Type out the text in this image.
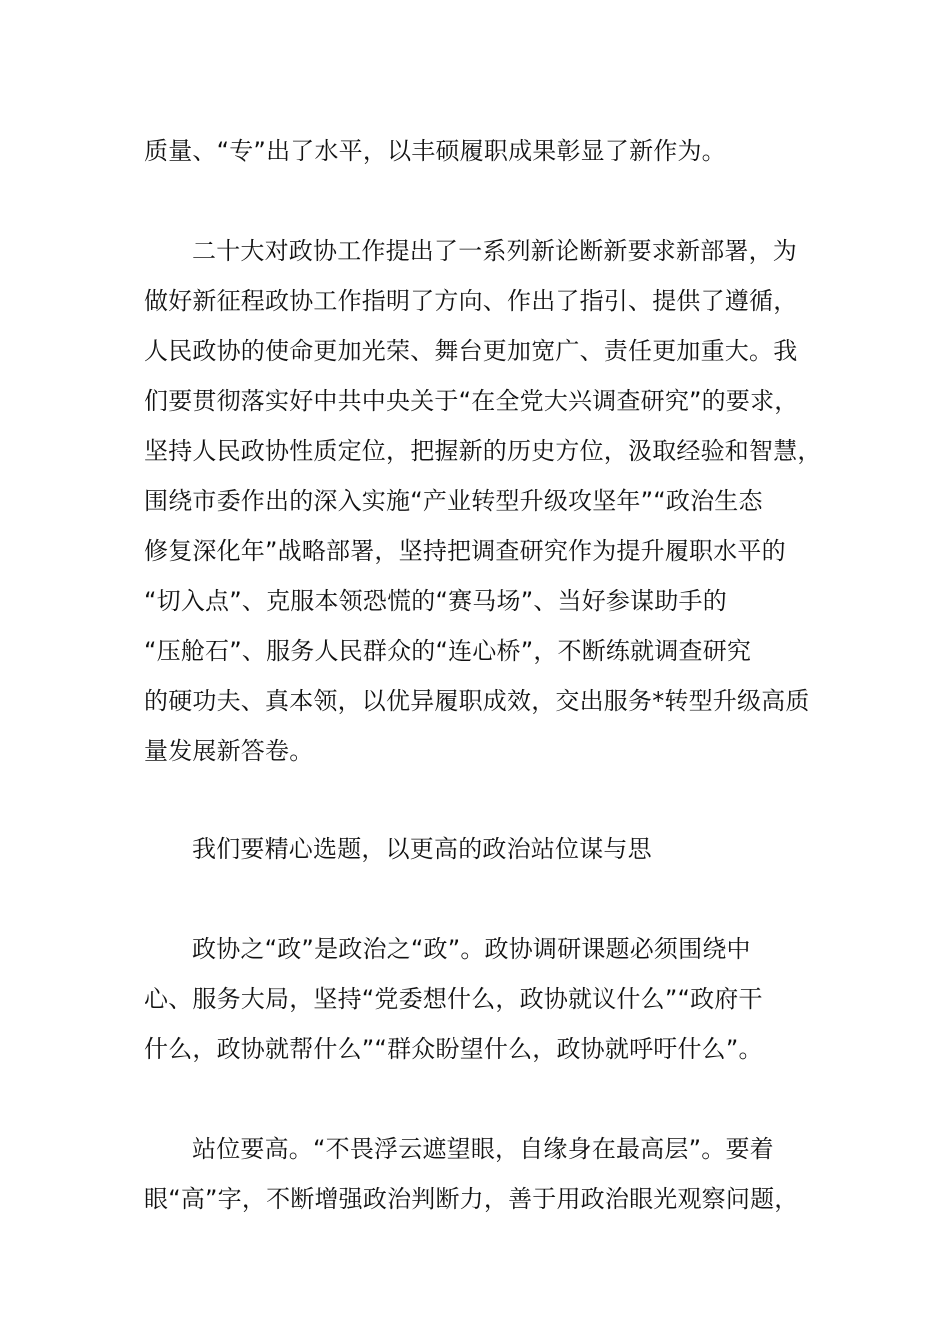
质量、“专”出了水平，以丰硕履职成果彰显了新作为。
二十大对政协工作提出了一系列新论断新要求新部署，为
做好新征程政协工作指明了方向、作出了指引、提供了遵循，
人民政协的使命更加光荣、舞台更加宽广、责任更加重大。我
们要贯彻落实好中共中央关于“在全党大兴调查研究”的要求，
坚持人民政协性质定位，把握新的历史方位，汲取经验和智慧，
围绕市委作出的深入实施“产业转型升级攻坚年”“政治生态
修复深化年”战略部署，坚持把调查研究作为提升履职水平的
“切入点”、克服本领恐慌的“赛马场”、当好参谋助手的
“压舱石”、服务人民群众的“连心桥”，不断练就调查研究
的硬功夫、真本领，以优异履职成效，交出服务*转型升级高质
量发展新答卷。
我们要精心选题，以更高的政治站位谋与思
政协之“政”是政治之“政”。政协调研课题必须围绕中
心、服务大局，坚持“党委想什么，政协就议什么”“政府干
什么，政协就帮什么”“群众盼望什么，政协就呼吁什么”。
站位要高。“不畏浮云遮望眼，自缘身在最高层”。要着
眼“高”字，不断增强政治判断力，善于用政治眼光观察问题，
